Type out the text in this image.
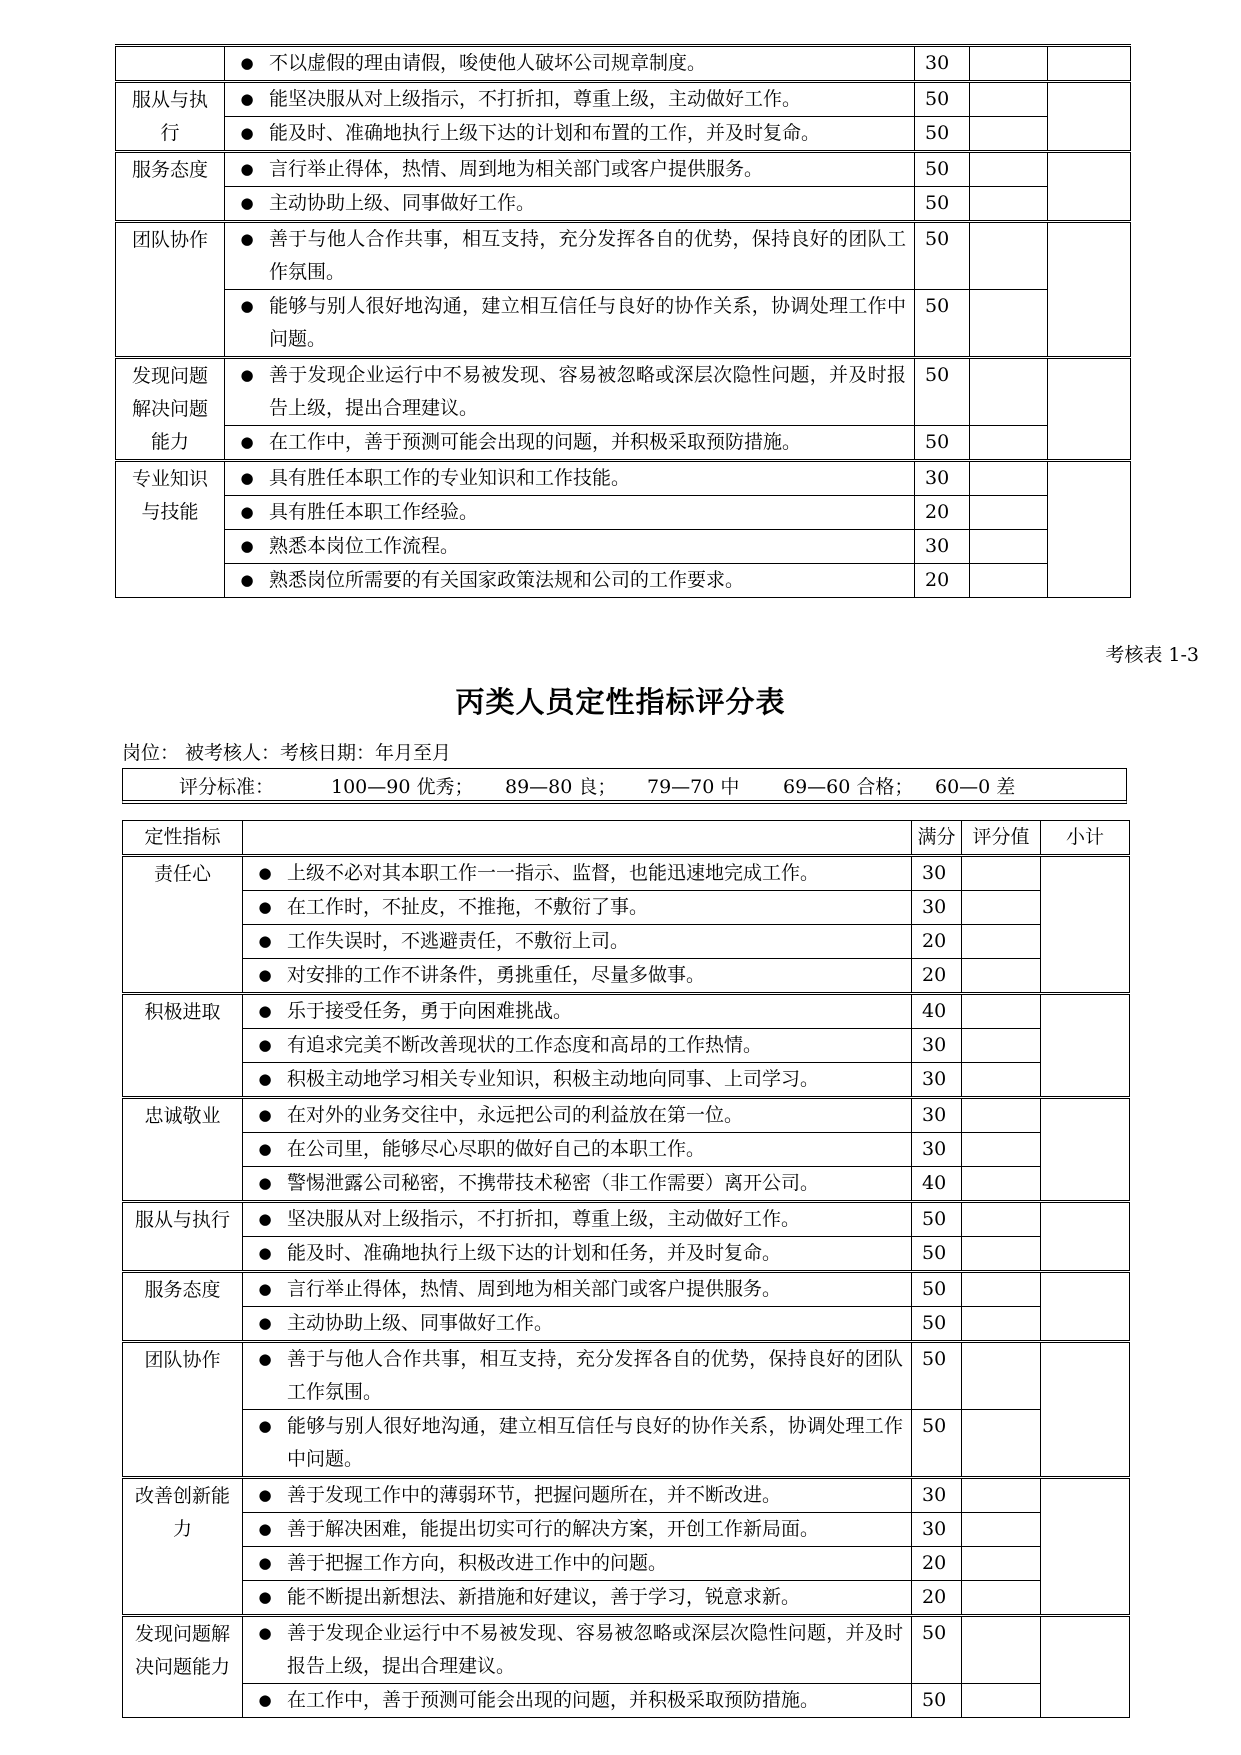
	● 不以虚假的理由请假，唆使他人破坏公司规章制度。	30		
服从与执行	● 能坚决服从对上级指示，不打折扣，尊重上级，主动做好工作。	50		

	● 能及时、准确地执行上级下达的计划和布置的工作，并及时复命。	50		
服务态度	● 言行举止得体，热情、周到地为相关部门或客户提供服务。	50		

	● 主动协助上级、同事做好工作。	50		
团队协作	● 善于与他人合作共事，相互支持，充分发挥各自的优势，保持良好的团队工作氛围。	50		

	● 能够与别人很好地沟通，建立相互信任与良好的协作关系，协调处理工作中问题。	50		
发现问题解决问题能力	● 善于发现企业运行中不易被发现、容易被忽略或深层次隐性问题，并及时报告上级，提出合理建议。	50		

	● 在工作中，善于预测可能会出现的问题，并积极采取预防措施。	50		
专业知识与技能	● 具有胜任本职工作的专业知识和工作技能。	30		

	● 具有胜任本职工作经验。	20		

	● 熟悉本岗位工作流程。	30		

	● 熟悉岗位所需要的有关国家政策法规和公司的工作要求。	20		
考核表 1-3
丙类人员定性指标评分表
岗位： 被考核人：考核日期：年月至月
评分标准：	100—90 优秀； 89—80 良； 79—70 中 69—60 合格； 60—0 差
定性指标		满分	评分值	小计
责任心	● 上级不必对其本职工作一一指示、监督，也能迅速地完成工作。	30		

	● 在工作时，不扯皮，不推拖，不敷衍了事。	30		

	● 工作失误时，不逃避责任，不敷衍上司。	20		

	● 对安排的工作不讲条件，勇挑重任，尽量多做事。	20		
积极进取	● 乐于接受任务，勇于向困难挑战。	40		

	● 有追求完美不断改善现状的工作态度和高昂的工作热情。	30		

	● 积极主动地学习相关专业知识，积极主动地向同事、上司学习。	30		
忠诚敬业	● 在对外的业务交往中，永远把公司的利益放在第一位。	30		

	● 在公司里，能够尽心尽职的做好自己的本职工作。	30		

	● 警惕泄露公司秘密，不携带技术秘密（非工作需要）离开公司。	40		
服从与执行	● 坚决服从对上级指示，不打折扣，尊重上级，主动做好工作。	50		

	● 能及时、准确地执行上级下达的计划和任务，并及时复命。	50		
服务态度	● 言行举止得体，热情、周到地为相关部门或客户提供服务。	50		

	● 主动协助上级、同事做好工作。	50		
团队协作	● 善于与他人合作共事，相互支持，充分发挥各自的优势，保持良好的团队工作氛围。	50		

	● 能够与别人很好地沟通，建立相互信任与良好的协作关系，协调处理工作中问题。	50		
改善创新能力	● 善于发现工作中的薄弱环节，把握问题所在，并不断改进。	30		

	● 善于解决困难，能提出切实可行的解决方案，开创工作新局面。	30		

	● 善于把握工作方向，积极改进工作中的问题。	20		

	● 能不断提出新想法、新措施和好建议，善于学习，锐意求新。	20		
发现问题解决问题能力	● 善于发现企业运行中不易被发现、容易被忽略或深层次隐性问题，并及时报告上级，提出合理建议。	50		

	● 在工作中，善于预测可能会出现的问题，并积极采取预防措施。	50		
